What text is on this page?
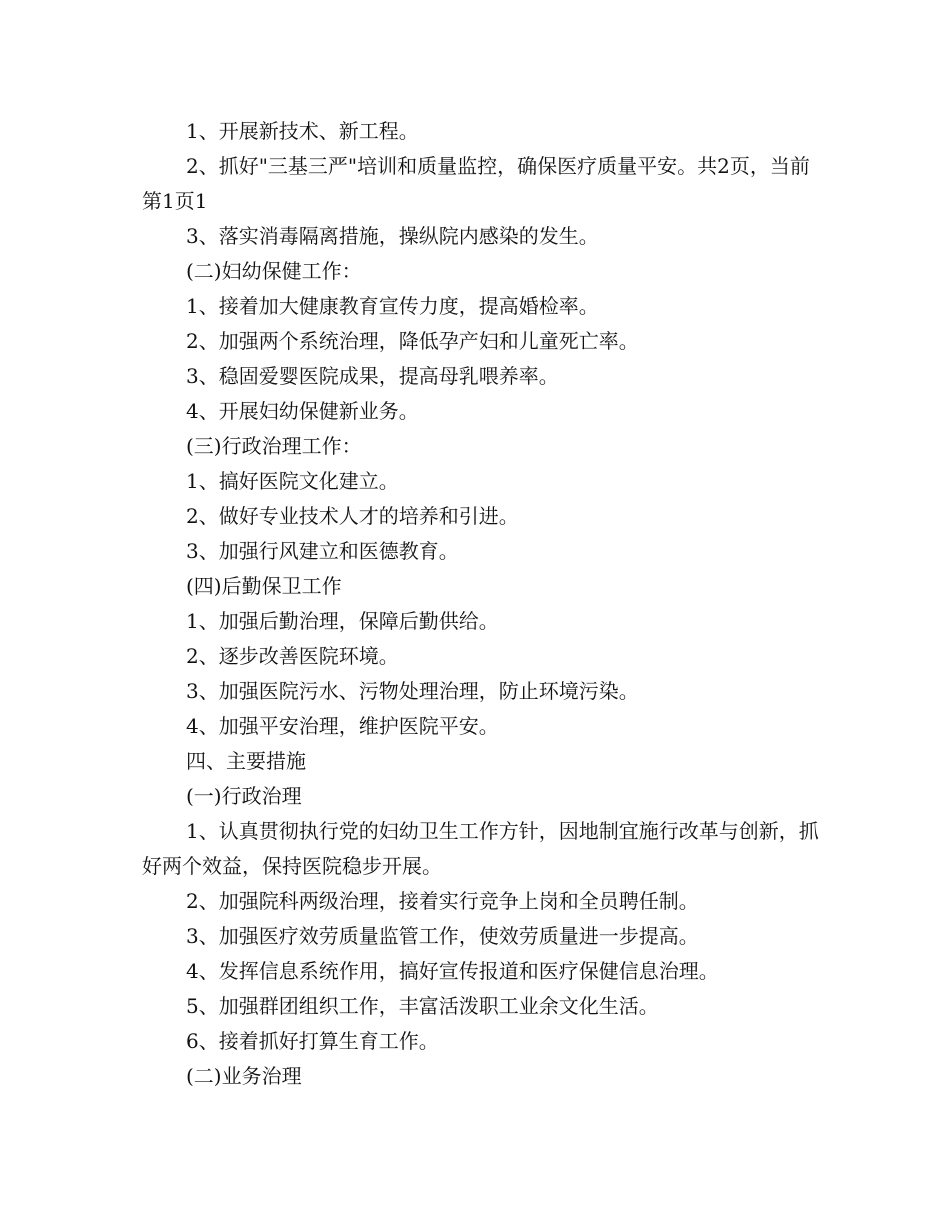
1、开展新技术、新工程。

2、抓好"三基三严"培训和质量监控，确保医疗质量平安。共2页，当前第1页1

3、落实消毒隔离措施，操纵院内感染的发生。

(二)妇幼保健工作：

1、接着加大健康教育宣传力度，提高婚检率。

2、加强两个系统治理，降低孕产妇和儿童死亡率。

3、稳固爱婴医院成果，提高母乳喂养率。

4、开展妇幼保健新业务。

(三)行政治理工作：

1、搞好医院文化建立。

2、做好专业技术人才的培养和引进。

3、加强行风建立和医德教育。

(四)后勤保卫工作

1、加强后勤治理，保障后勤供给。

2、逐步改善医院环境。

3、加强医院污水、污物处理治理，防止环境污染。

4、加强平安治理，维护医院平安。

四、主要措施

(一)行政治理

1、认真贯彻执行党的妇幼卫生工作方针，因地制宜施行改革与创新，抓好两个效益，保持医院稳步开展。

2、加强院科两级治理，接着实行竞争上岗和全员聘任制。

3、加强医疗效劳质量监管工作，使效劳质量进一步提高。

4、发挥信息系统作用，搞好宣传报道和医疗保健信息治理。

5、加强群团组织工作，丰富活泼职工业余文化生活。

6、接着抓好打算生育工作。

(二)业务治理
